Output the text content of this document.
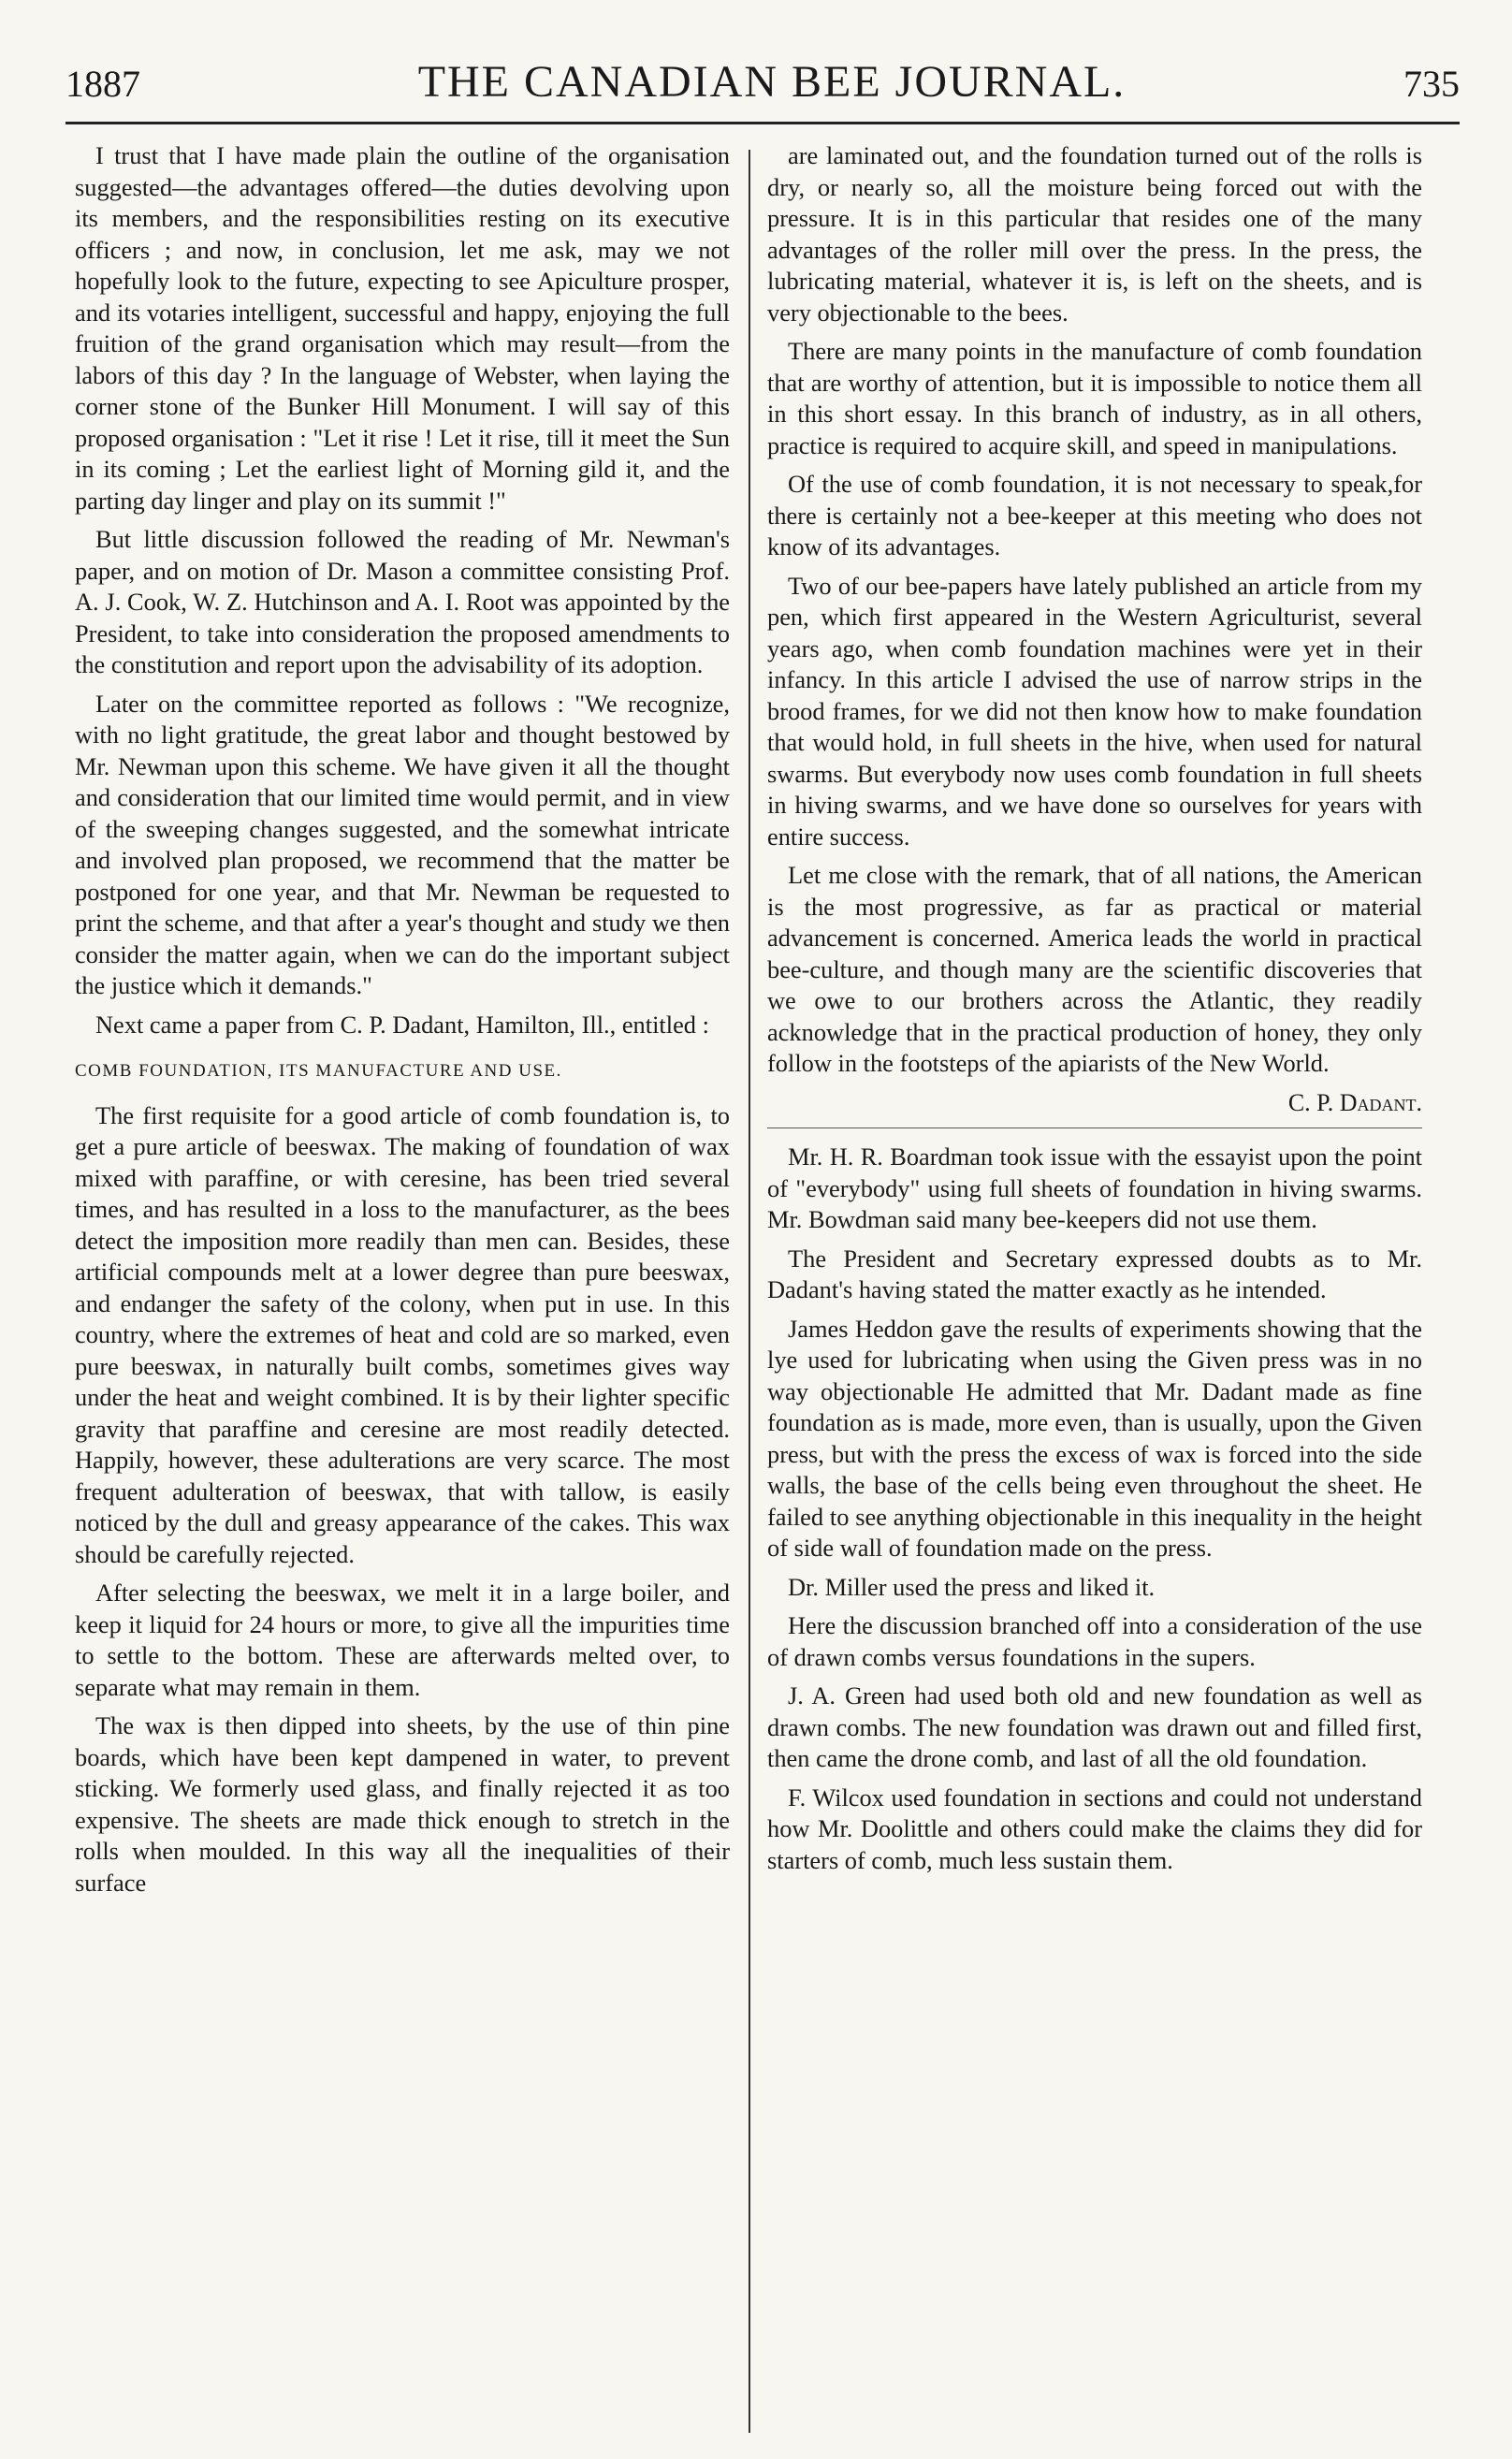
1887	THE CANADIAN BEE JOURNAL.	735

I trust that I have made plain the outline of the organisation suggested—the advantages offered—the duties devolving upon its members, and the responsibilities resting on its executive officers ; and now, in conclusion, let me ask, may we not hopefully look to the future, expecting to see Apiculture prosper, and its votaries intelligent, successful and happy, enjoying the full fruition of the grand organisation which may result—from the labors of this day ? In the language of Webster, when laying the corner stone of the Bunker Hill Monument. I will say of this proposed organisation : "Let it rise ! Let it rise, till it meet the Sun in its coming ; Let the earliest light of Morning gild it, and the parting day linger and play on its summit !"

But little discussion followed the reading of Mr. Newman's paper, and on motion of Dr. Mason a committee consisting Prof. A. J. Cook, W. Z. Hutchinson and A. I. Root was appointed by the President, to take into consideration the proposed amendments to the constitution and report upon the advisability of its adoption.

Later on the committee reported as follows : "We recognize, with no light gratitude, the great labor and thought bestowed by Mr. Newman upon this scheme. We have given it all the thought and consideration that our limited time would permit, and in view of the sweeping changes suggested, and the somewhat intricate and involved plan proposed, we recommend that the matter be postponed for one year, and that Mr. Newman be requested to print the scheme, and that after a year's thought and study we then consider the matter again, when we can do the important subject the justice which it demands."

Next came a paper from C. P. Dadant, Hamilton, Ill., entitled :

COMB FOUNDATION, ITS MANUFACTURE AND USE.

The first requisite for a good article of comb foundation is, to get a pure article of beeswax. The making of foundation of wax mixed with paraffine, or with ceresine, has been tried several times, and has resulted in a loss to the manufacturer, as the bees detect the imposition more readily than men can. Besides, these artificial compounds melt at a lower degree than pure beeswax, and endanger the safety of the colony, when put in use. In this country, where the extremes of heat and cold are so marked, even pure beeswax, in naturally built combs, sometimes gives way under the heat and weight combined. It is by their lighter specific gravity that paraffine and ceresine are most readily detected. Happily, however, these adulterations are very scarce. The most frequent adulteration of beeswax, that with tallow, is easily noticed by the dull and greasy appearance of the cakes. This wax should be carefully rejected.

After selecting the beeswax, we melt it in a large boiler, and keep it liquid for 24 hours or more, to give all the impurities time to settle to the bottom. These are afterwards melted over, to separate what may remain in them.

The wax is then dipped into sheets, by the use of thin pine boards, which have been kept dampened in water, to prevent sticking. We formerly used glass, and finally rejected it as too expensive. The sheets are made thick enough to stretch in the rolls when moulded. In this way all the inequalities of their surface

are laminated out, and the foundation turned out of the rolls is dry, or nearly so, all the moisture being forced out with the pressure. It is in this particular that resides one of the many advantages of the roller mill over the press. In the press, the lubricating material, whatever it is, is left on the sheets, and is very objectionable to the bees.

There are many points in the manufacture of comb foundation that are worthy of attention, but it is impossible to notice them all in this short essay. In this branch of industry, as in all others, practice is required to acquire skill, and speed in manipulations.

Of the use of comb foundation, it is not necessary to speak,for there is certainly not a bee-keeper at this meeting who does not know of its advantages.

Two of our bee-papers have lately published an article from my pen, which first appeared in the Western Agriculturist, several years ago, when comb foundation machines were yet in their infancy. In this article I advised the use of narrow strips in the brood frames, for we did not then know how to make foundation that would hold, in full sheets in the hive, when used for natural swarms. But everybody now uses comb foundation in full sheets in hiving swarms, and we have done so ourselves for years with entire success.

Let me close with the remark, that of all nations, the American is the most progressive, as far as practical or material advancement is concerned. America leads the world in practical bee-culture, and though many are the scientific discoveries that we owe to our brothers across the Atlantic, they readily acknowledge that in the practical production of honey, they only follow in the footsteps of the apiarists of the New World.

C. P. Dadant.

Mr. H. R. Boardman took issue with the essayist upon the point of "everybody" using full sheets of foundation in hiving swarms. Mr. Bowdman said many bee-keepers did not use them.

The President and Secretary expressed doubts as to Mr. Dadant's having stated the matter exactly as he intended.

James Heddon gave the results of experiments showing that the lye used for lubricating when using the Given press was in no way objectionable He admitted that Mr. Dadant made as fine foundation as is made, more even, than is usually, upon the Given press, but with the press the excess of wax is forced into the side walls, the base of the cells being even throughout the sheet. He failed to see anything objectionable in this inequality in the height of side wall of foundation made on the press.

Dr. Miller used the press and liked it.

Here the discussion branched off into a consideration of the use of drawn combs versus foundations in the supers.

J. A. Green had used both old and new foundation as well as drawn combs. The new foundation was drawn out and filled first, then came the drone comb, and last of all the old foundation.

F. Wilcox used foundation in sections and could not understand how Mr. Doolittle and others could make the claims they did for starters of comb, much less sustain them.
